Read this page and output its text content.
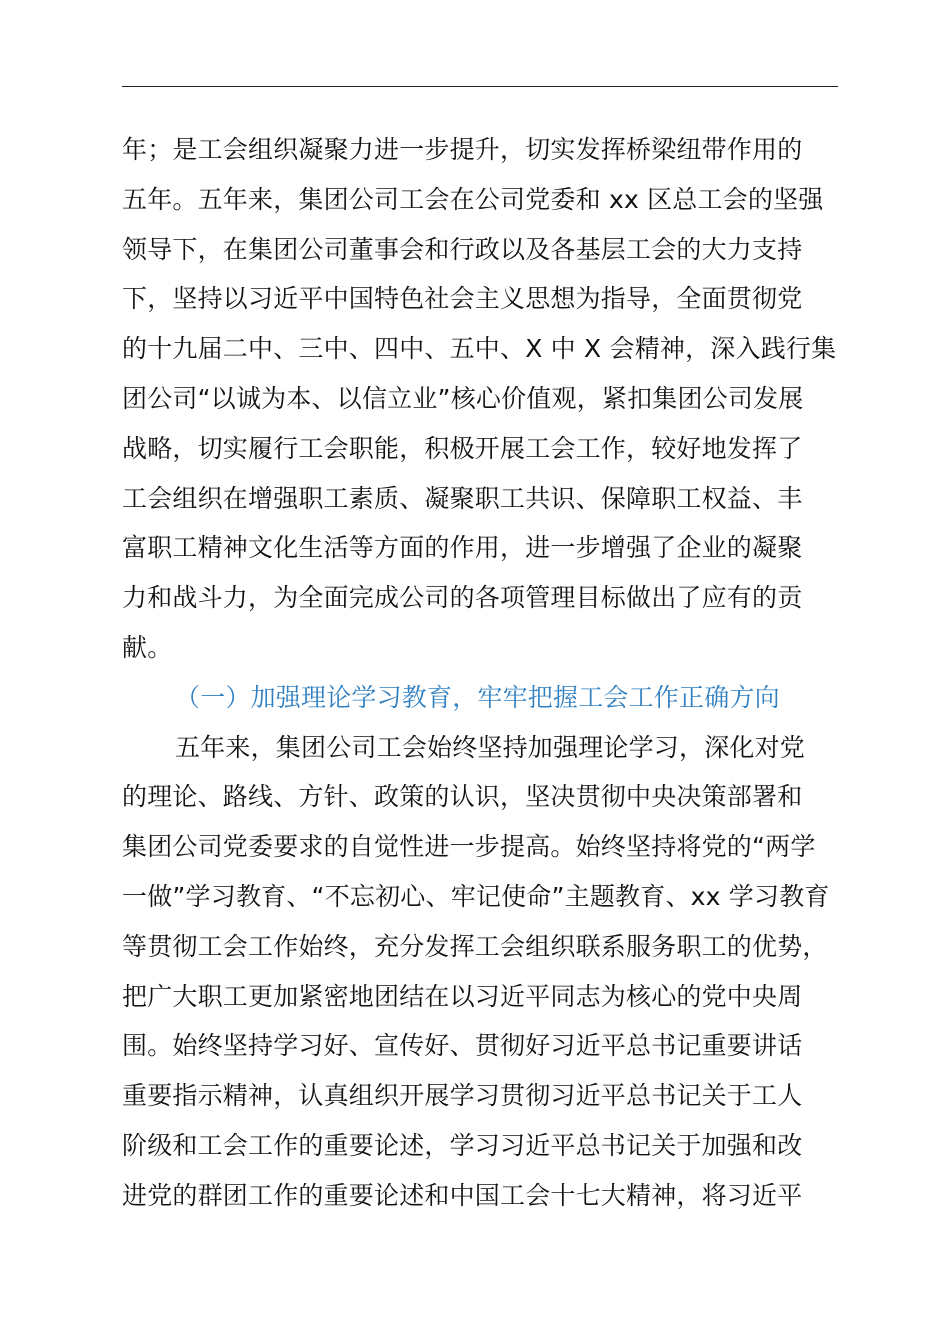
年；是工会组织凝聚力进一步提升，切实发挥桥梁纽带作用的
五年。五年来，集团公司工会在公司党委和 xx 区总工会的坚强
领导下，在集团公司董事会和行政以及各基层工会的大力支持
下，坚持以习近平中国特色社会主义思想为指导，全面贯彻党
的十九届二中、三中、四中、五中、X 中 X 会精神，深入践行集
团公司“以诚为本、以信立业”核心价值观，紧扣集团公司发展
战略，切实履行工会职能，积极开展工会工作，较好地发挥了
工会组织在增强职工素质、凝聚职工共识、保障职工权益、丰
富职工精神文化生活等方面的作用，进一步增强了企业的凝聚
力和战斗力，为全面完成公司的各项管理目标做出了应有的贡
献。
（一）加强理论学习教育，牢牢把握工会工作正确方向
五年来，集团公司工会始终坚持加强理论学习，深化对党
的理论、路线、方针、政策的认识，坚决贯彻中央决策部署和
集团公司党委要求的自觉性进一步提高。始终坚持将党的“两学
一做”学习教育、“不忘初心、牢记使命”主题教育、xx 学习教育
等贯彻工会工作始终，充分发挥工会组织联系服务职工的优势，
把广大职工更加紧密地团结在以习近平同志为核心的党中央周
围。始终坚持学习好、宣传好、贯彻好习近平总书记重要讲话
重要指示精神，认真组织开展学习贯彻习近平总书记关于工人
阶级和工会工作的重要论述，学习习近平总书记关于加强和改
进党的群团工作的重要论述和中国工会十七大精神，将习近平
